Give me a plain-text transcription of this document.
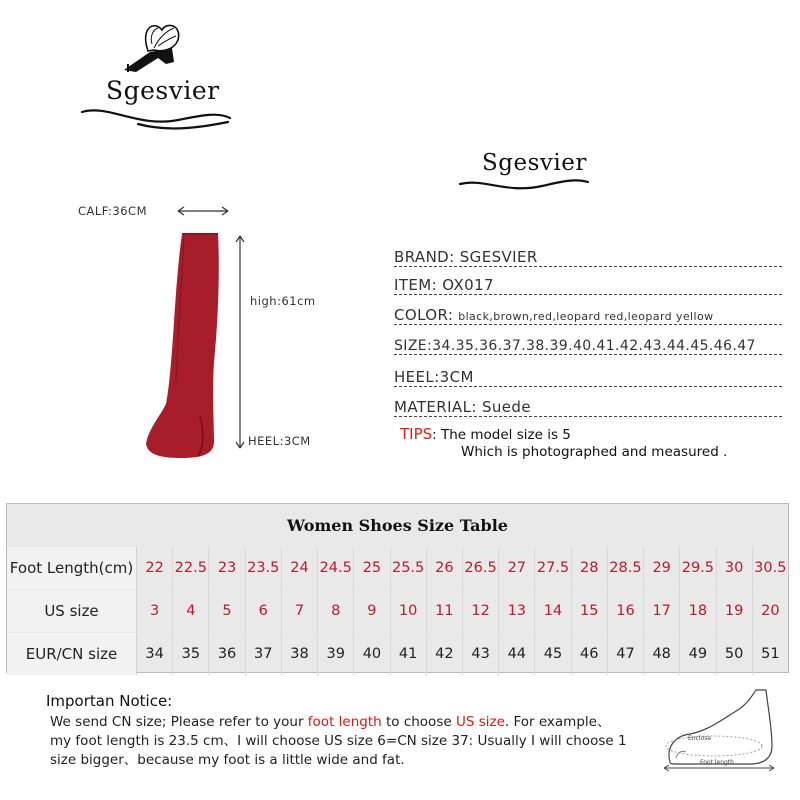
Sgesvier
Sgesvier
CALF:36CM
high:61cm
HEEL:3CM
BRAND: SGESVIER
ITEM: OX017
COLOR: black,brown,red,leopard red,leopard yellow
SIZE:34.35.36.37.38.39.40.41.42.43.44.45.46.47
HEEL:3CM
MATERIAL: Suede
TIPS: The model size is 5
Which is photographed and measured .
Women Shoes Size Table
Foot Length(cm) 22 22.5 23 23.5 24 24.5 25 25.5 26 26.5 27 27.5 28 28.5 29 29.5 30 30.5
US size	3	4	5	6	7	8	9	10	11	12	13	14	15	16	17	18	19	20
EUR/CN size	34	35	36	37	38	39	40	41	42	43	44	45	46	47	48	49	50	51
Importan Notice:
We send CN size; Please refer to your foot length to choose US size. For example、my foot length is 23.5 cm、I will choose US size 6=CN size 37: Usually I will choose 1 size bigger、because my foot is a little wide and fat.
Enclose
Foot length
